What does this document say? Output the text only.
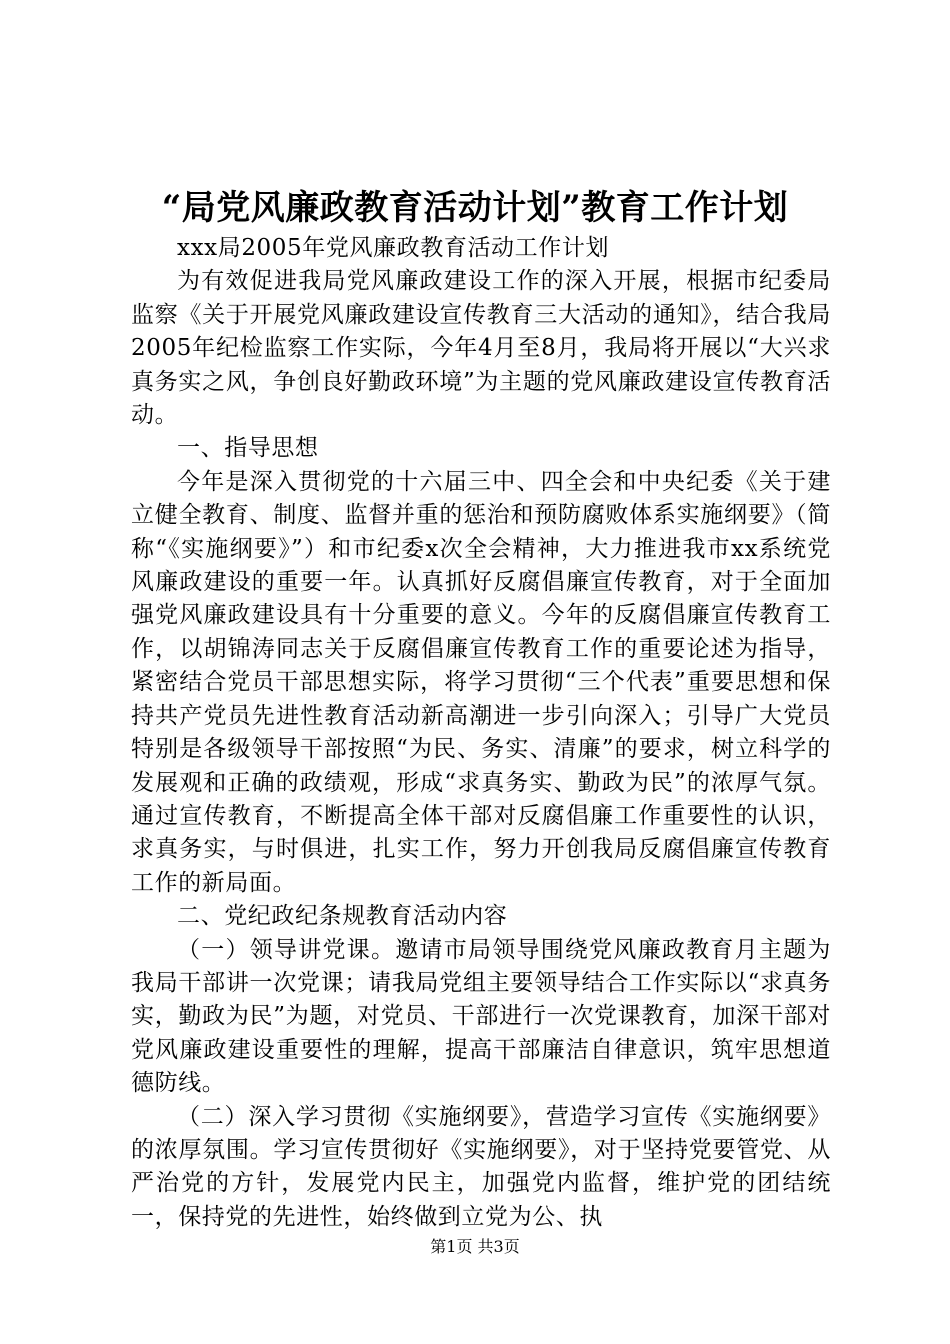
“局党风廉政教育活动计划”教育工作计划

xxx局2005年党风廉政教育活动工作计划

为有效促进我局党风廉政建设工作的深入开展，根据市纪委局监察《关于开展党风廉政建设宣传教育三大活动的通知》，结合我局2005年纪检监察工作实际，今年4月至8月，我局将开展以“大兴求真务实之风，争创良好勤政环境”为主题的党风廉政建设宣传教育活动。

一、指导思想

今年是深入贯彻党的十六届三中、四全会和中央纪委《关于建立健全教育、制度、监督并重的惩治和预防腐败体系实施纲要》（简称“《实施纲要》”）和市纪委x次全会精神，大力推进我市xx系统党风廉政建设的重要一年。认真抓好反腐倡廉宣传教育，对于全面加强党风廉政建设具有十分重要的意义。今年的反腐倡廉宣传教育工作，以胡锦涛同志关于反腐倡廉宣传教育工作的重要论述为指导，紧密结合党员干部思想实际，将学习贯彻“三个代表”重要思想和保持共产党员先进性教育活动新高潮进一步引向深入；引导广大党员特别是各级领导干部按照“为民、务实、清廉”的要求，树立科学的发展观和正确的政绩观，形成“求真务实、勤政为民”的浓厚气氛。通过宣传教育，不断提高全体干部对反腐倡廉工作重要性的认识，求真务实，与时俱进，扎实工作，努力开创我局反腐倡廉宣传教育工作的新局面。

二、党纪政纪条规教育活动内容

（一）领导讲党课。邀请市局领导围绕党风廉政教育月主题为我局干部讲一次党课；请我局党组主要领导结合工作实际以“求真务实，勤政为民”为题，对党员、干部进行一次党课教育，加深干部对党风廉政建设重要性的理解，提高干部廉洁自律意识，筑牢思想道德防线。

（二）深入学习贯彻《实施纲要》，营造学习宣传《实施纲要》的浓厚氛围。学习宣传贯彻好《实施纲要》，对于坚持党要管党、从严治党的方针，发展党内民主，加强党内监督，维护党的团结统一，保持党的先进性，始终做到立党为公、执

第1页 共3页
